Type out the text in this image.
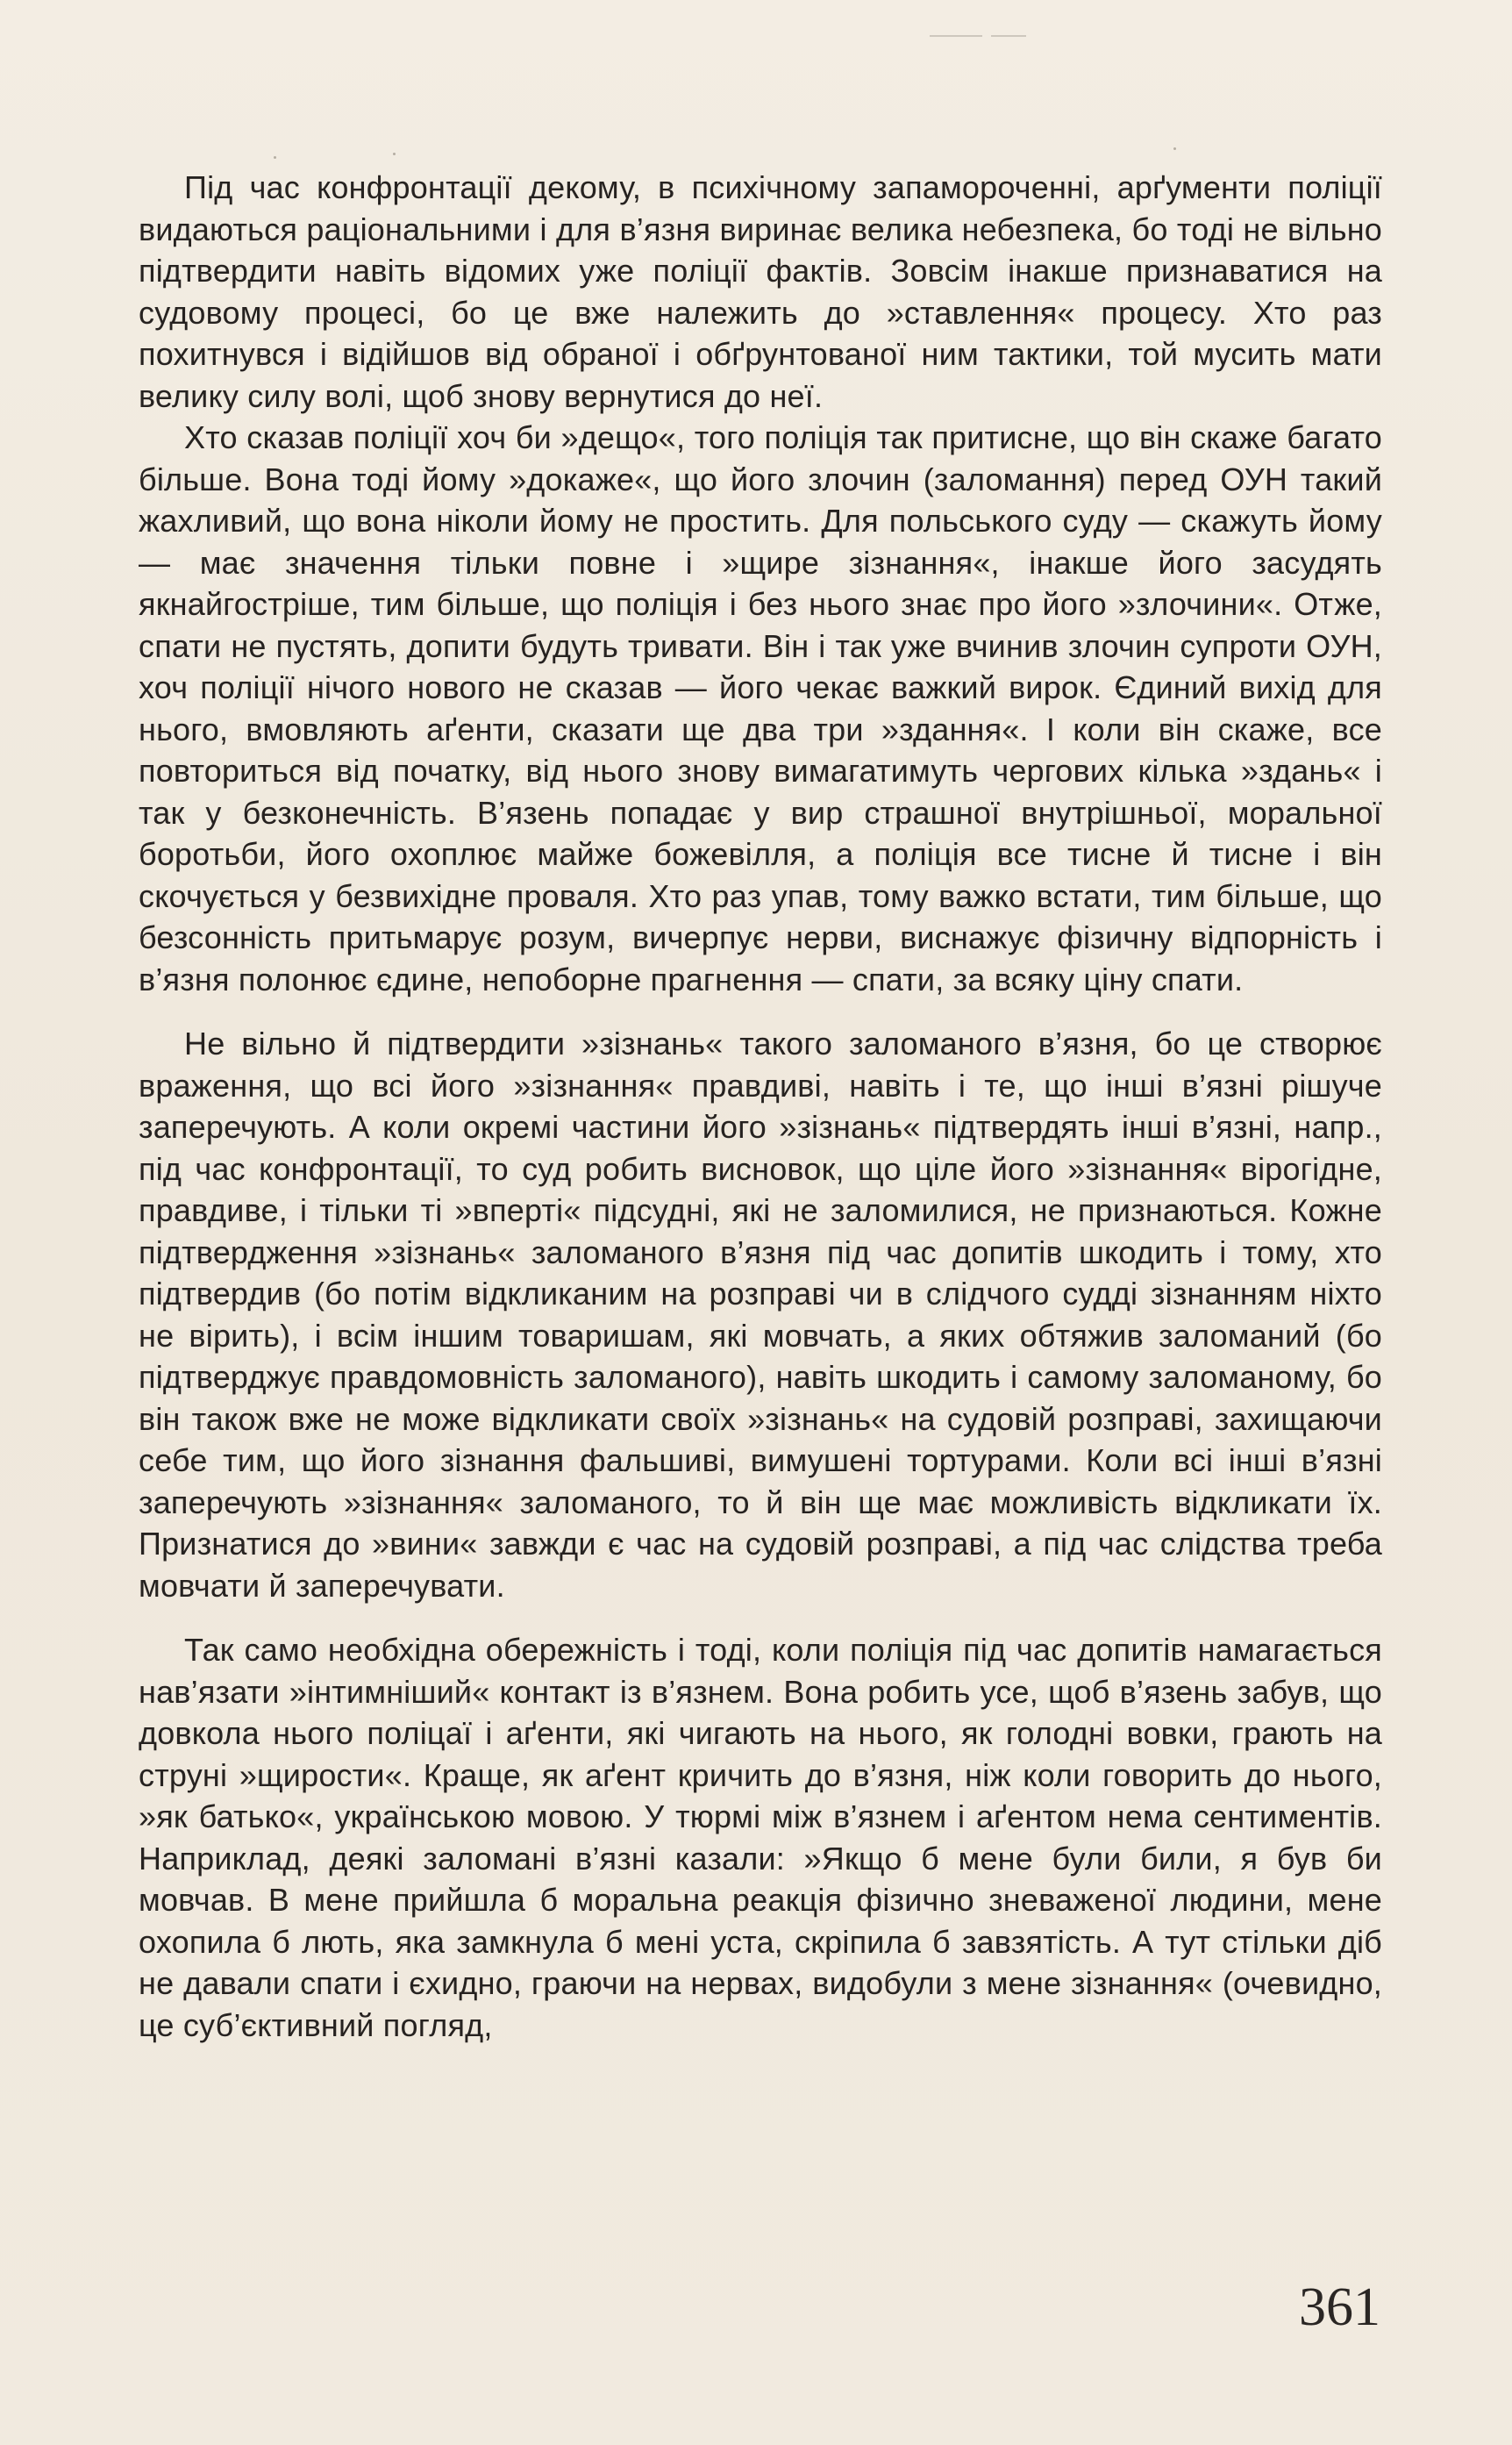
Під час конфронтації декому, в психічному запамороченні, арґументи поліції видаються раціональними і для в’язня виринає велика небезпека, бо тоді не вільно підтвердити навіть відомих уже поліції фактів. Зовсім інакше признаватися на судовому процесі, бо це вже належить до »ставлення« процесу. Хто раз похитнувся і відійшов від обраної і обґрунтованої ним тактики, той мусить мати велику силу волі, щоб знову вернутися до неї.

Хто сказав поліції хоч би »дещо«, того поліція так притисне, що він скаже багато більше. Вона тоді йому »докаже«, що його злочин (заломання) перед ОУН такий жахливий, що вона ніколи йому не простить. Для польського суду — скажуть йому — має значення тільки повне і »щире зізнання«, інакше його засудять якнайгостріше, тим більше, що поліція і без нього знає про його »злочини«. Отже, спати не пустять, допити будуть тривати. Він і так уже вчинив злочин супроти ОУН, хоч поліції нічого нового не сказав — його чекає важкий вирок. Єдиний вихід для нього, вмовляють аґенти, сказати ще два три »здання«. І коли він скаже, все повториться від початку, від нього знову вимагатимуть чергових кілька »здань« і так у безконечність. В’язень попадає у вир страшної внутрішньої, моральної боротьби, його охоплює майже божевілля, а поліція все тисне й тисне і він скочується у безвихідне проваля. Хто раз упав, тому важко встати, тим більше, що безсонність притьмарує розум, вичерпує нерви, виснажує фізичну відпорність і в’язня полонює єдине, непоборне прагнення — спати, за всяку ціну спати.

Не вільно й підтвердити »зізнань« такого заломаного в’язня, бо це створює враження, що всі його »зізнання« правдиві, навіть і те, що інші в’язні рішуче заперечують. А коли окремі частини його »зізнань« підтвердять інші в’язні, напр., під час конфронтації, то суд робить висновок, що ціле його »зізнання« вірогідне, правдиве, і тільки ті »вперті« підсудні, які не заломилися, не признаються. Кожне підтвердження »зізнань« заломаного в’язня під час допитів шкодить і тому, хто підтвердив (бо потім відкликаним на розправі чи в слідчого судді зізнанням ніхто не вірить), і всім іншим товаришам, які мовчать, а яких обтяжив заломаний (бо підтверджує правдомовність заломаного), навіть шкодить і самому заломаному, бо він також вже не може відкликати своїх »зізнань« на судовій розправі, захищаючи себе тим, що його зізнання фальшиві, вимушені тортурами. Коли всі інші в’язні заперечують »зізнання« заломаного, то й він ще має можливість відкликати їх. Признатися до »вини« завжди є час на судовій розправі, а під час слідства треба мовчати й заперечувати.

Так само необхідна обережність і тоді, коли поліція під час допитів намагається нав’язати »інтимніший« контакт із в’язнем. Вона робить усе, щоб в’язень забув, що довкола нього поліцаї і аґенти, які чигають на нього, як голодні вовки, грають на струні »щирости«. Краще, як аґент кричить до в’язня, ніж коли говорить до нього, »як батько«, українською мовою. У тюрмі між в’язнем і аґентом нема сентиментів. Наприклад, деякі заломані в’язні казали: »Якщо б мене були били, я був би мовчав. В мене прийшла б моральна реакція фізично зневаженої людини, мене охопила б лють, яка замкнула б мені уста, скріпила б завзятість. А тут стільки діб не давали спати і єхидно, граючи на нервах, видобули з мене зізнання« (очевидно, це суб’єктивний погляд,

361
